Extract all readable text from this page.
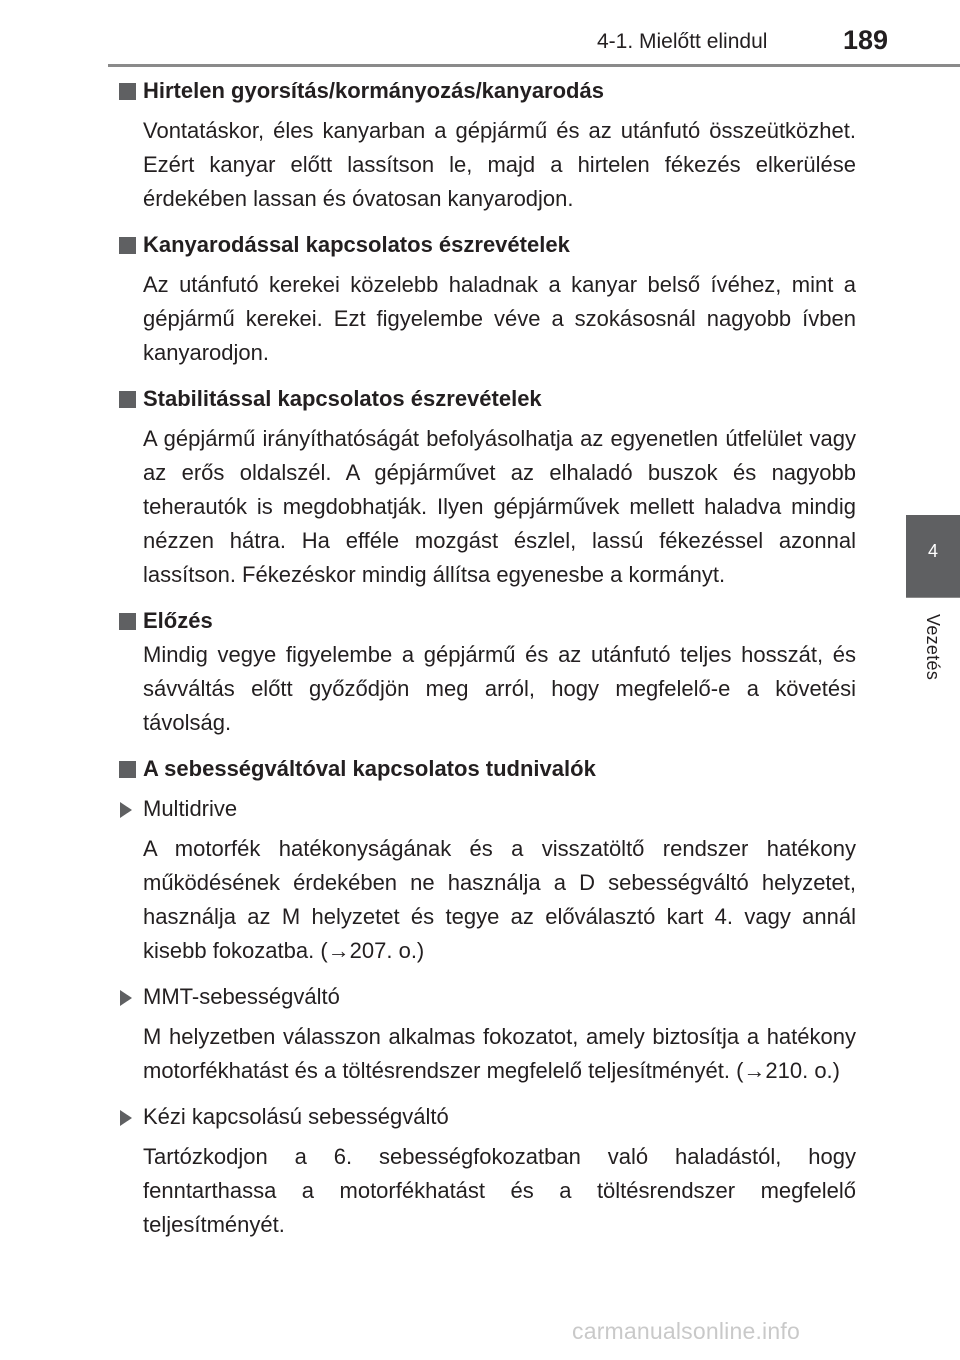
4-1. Mielőtt elindul	189
4
Vezetés
Hirtelen gyorsítás/kormányozás/kanyarodás

Vontatáskor, éles kanyarban a gépjármű és az utánfutó összeütközhet. Ezért kanyar előtt lassítson le, majd a hirtelen fékezés elkerülése érdekében lassan és óvatosan kanyarodjon.

Kanyarodással kapcsolatos észrevételek

Az utánfutó kerekei közelebb haladnak a kanyar belső ívéhez, mint a gépjármű kerekei. Ezt figyelembe véve a szokásosnál nagyobb ívben kanyarodjon.

Stabilitással kapcsolatos észrevételek

A gépjármű irányíthatóságát befolyásolhatja az egyenetlen útfelület vagy az erős oldalszél. A gépjárművet az elhaladó buszok és nagyobb teherautók is megdobhatják. Ilyen gépjárművek mellett haladva mindig nézzen hátra. Ha efféle mozgást észlel, lassú fékezéssel azonnal lassítson. Fékezéskor mindig állítsa egyenesbe a kormányt.

Előzés

Mindig vegye figyelembe a gépjármű és az utánfutó teljes hosszát, és sávváltás előtt győződjön meg arról, hogy megfelelő-e a követési távolság.

A sebességváltóval kapcsolatos tudnivalók
Multidrive

A motorfék hatékonyságának és a visszatöltő rendszer hatékony működésének érdekében ne használja a D sebességváltó helyzetet, használja az M helyzetet és tegye az előválasztó kart 4. vagy annál kisebb fokozatba. (→207. o.)

MMT-sebességváltó

M helyzetben válasszon alkalmas fokozatot, amely biztosítja a hatékony motorfékhatást és a töltésrendszer megfelelő teljesítményét. (→210. o.)

Kézi kapcsolású sebességváltó

Tartózkodjon a 6. sebességfokozatban való haladástól, hogy fenntarthassa a motorfékhatást és a töltésrendszer megfelelő teljesítményét.

carmanualsonline.info
